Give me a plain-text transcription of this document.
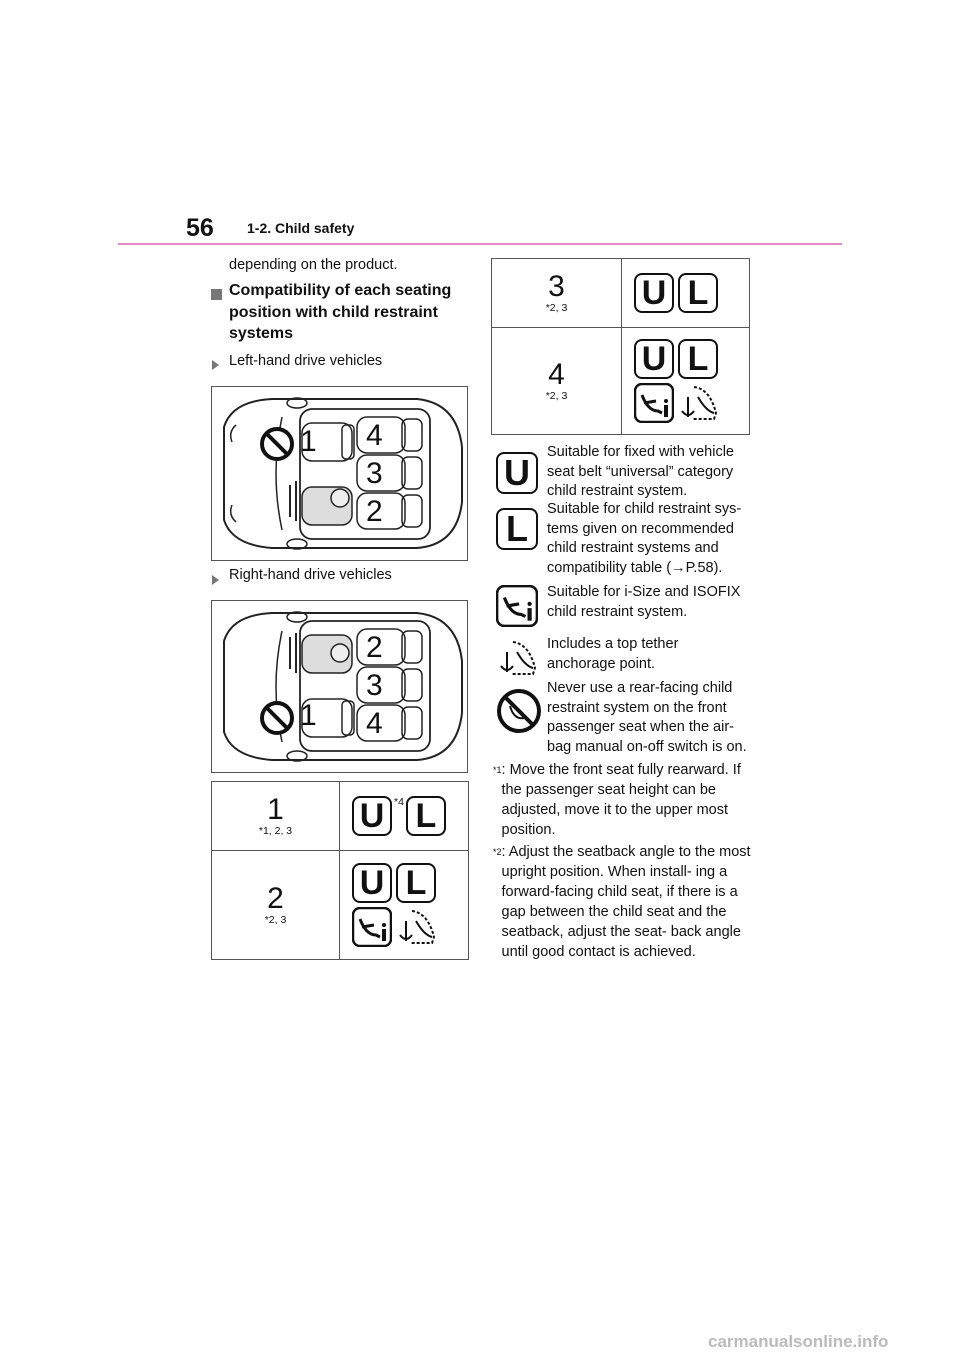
56 1-2. Child safety
depending on the product.
Compatibility of each seating position with child restraint systems
Left-hand drive vehicles
1 4
3
2
Right-hand drive vehicles
2
3
1 4
1
*1, 2, 3 U *4 L
2
*2, 3
U L
3
*2, 3 U L
4
*2, 3
U L
U	Suitable for fixed with vehicle seat belt “universal” category child restraint system.
L	Suitable for child restraint sys- tems given on recommended child restraint systems and compatibility table (→P.58).
Suitable for i-Size and ISOFIX child restraint system.
Includes a top tether anchorage point.
Never use a rear-facing child restraint system on the front passenger seat when the air- bag manual on-off switch is on.
*1 : Move the front seat fully rearward. If the passenger seat height can be adjusted, move it to the upper most position.
*2 : Adjust the seatback angle to the most upright position. When install- ing a forward-facing child seat, if there is a gap between the child seat and the seatback, adjust the seat- back angle until good contact is achieved.
carmanualsonline.info
